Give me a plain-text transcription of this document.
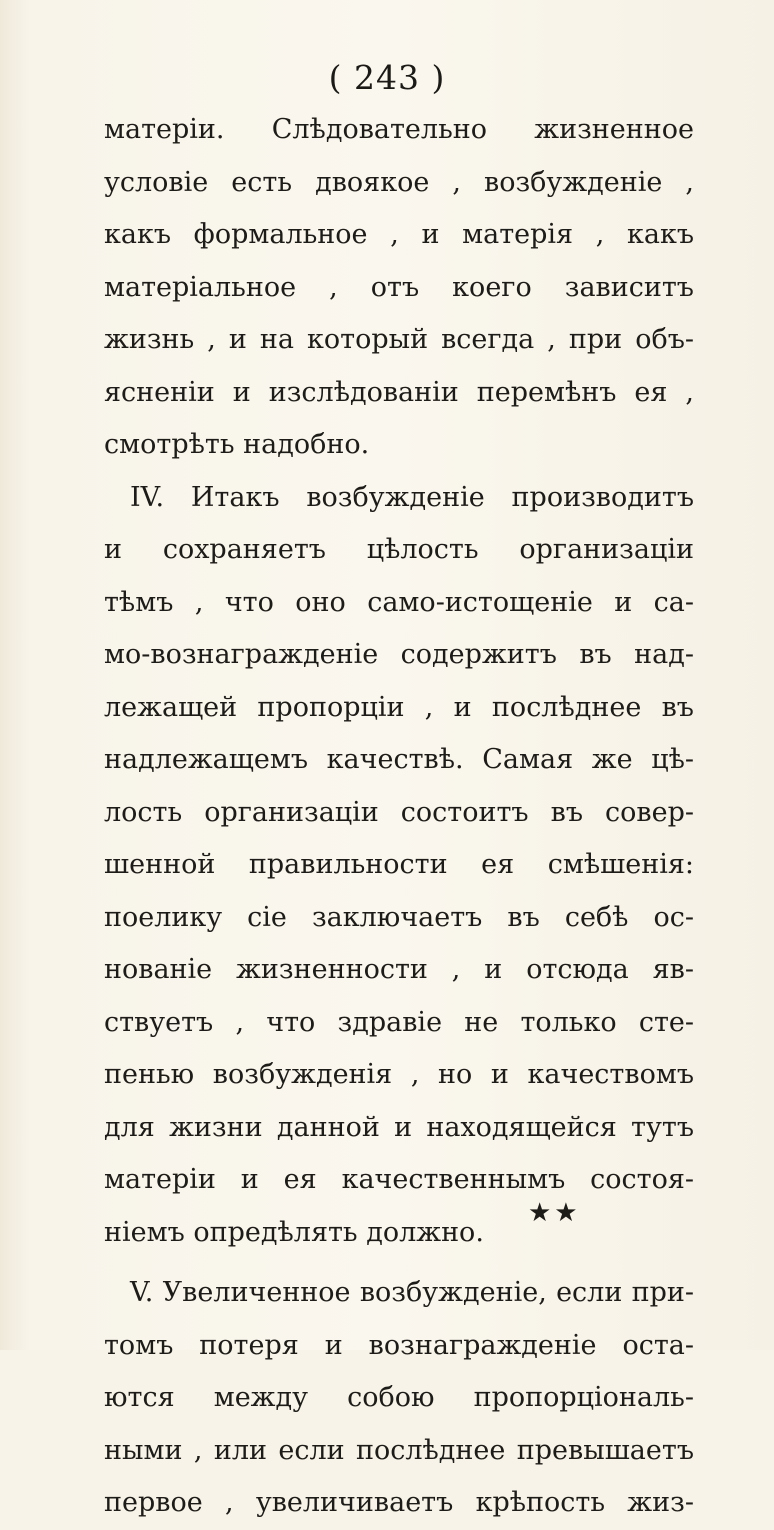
( 243 )
матерiи. Слѣдовательно жизненное
условiе есть двоякое , возбужденiе ,
какъ формальное , и матерiя , какъ
матерiальное , отъ коего зависитъ
жизнь , и на который всегда , при объ-
ясненiи и изслѣдованiи перемѣнъ ея ,
смотрѣть надобно.
IV. Итакъ возбужденiе производитъ
и сохраняетъ цѣлость организацiи
тѣмъ , что оно само-истощенiе и са-
мо-вознагражденiе содержитъ въ над-
лежащей пропорцiи , и послѣднее въ
надлежащемъ качествѣ. Самая же цѣ-
лость организацiи состоитъ въ совер-
шенной правильности ея смѣшенiя:
поелику сiе заключаетъ въ себѣ ос-
нованiе жизненности , и отсюда яв-
ствуетъ , что здравiе не только сте-
пенью возбужденiя , но и качествомъ
для жизни данной и находящейся тутъ
матерiи и ея качественнымъ состоя-
нiемъ опредѣлять должно.
V. Увеличенное возбужденiе, если при-
томъ потеря и вознагражденiе оста-
ются между собою пропорцiональ-
ными , или если послѣднее превышаетъ
первое , увеличиваетъ крѣпость жиз-
★★
